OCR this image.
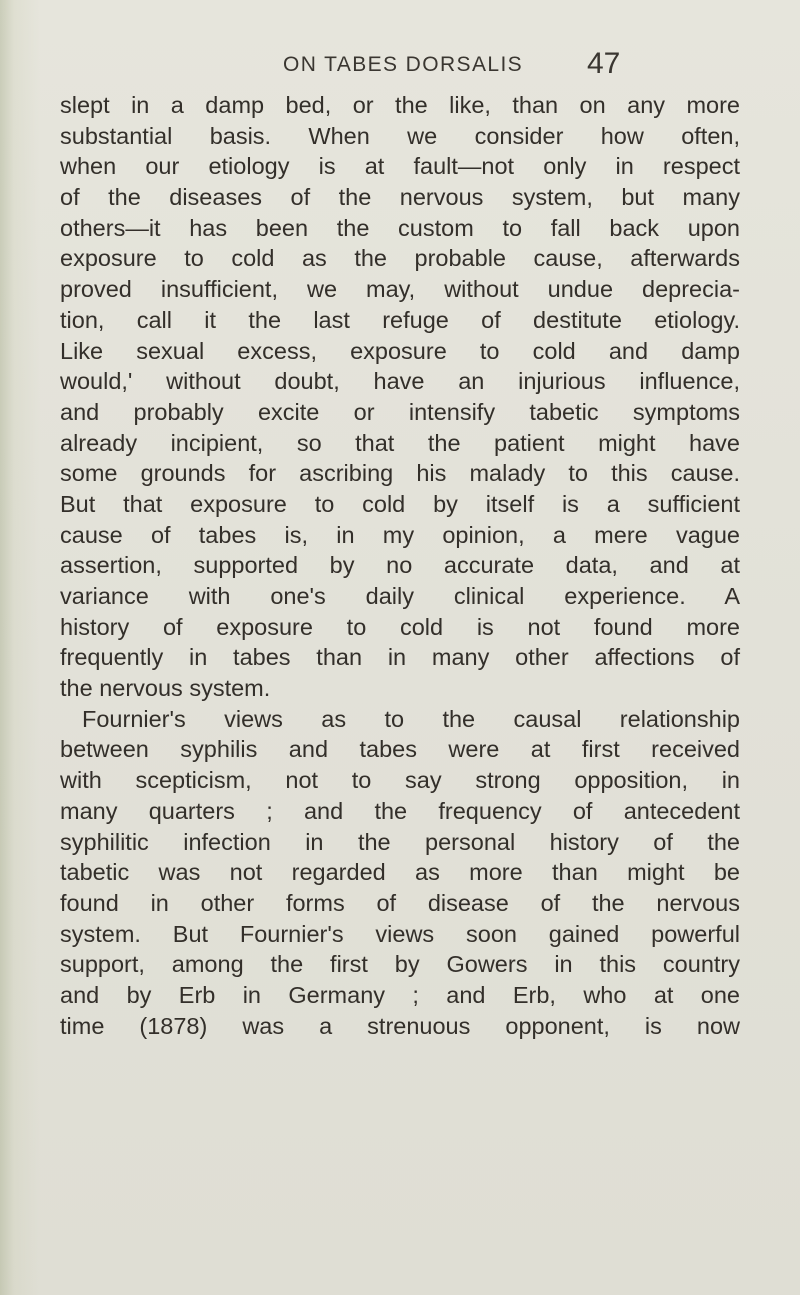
ON TABES DORSALIS 47
slept in a damp bed, or the like, than on any more
substantial basis. When we consider how often,
when our etiology is at fault—not only in respect
of the diseases of the nervous system, but many
others—it has been the custom to fall back upon
exposure to cold as the probable cause, afterwards
proved insufficient, we may, without undue deprecia-
tion, call it the last refuge of destitute etiology.
Like sexual excess, exposure to cold and damp
would,' without doubt, have an injurious influence,
and probably excite or intensify tabetic symptoms
already incipient, so that the patient might have
some grounds for ascribing his malady to this cause.
But that exposure to cold by itself is a sufficient
cause of tabes is, in my opinion, a mere vague
assertion, supported by no accurate data, and at
variance with one's daily clinical experience. A
history of exposure to cold is not found more
frequently in tabes than in many other affections of
the nervous system.
Fournier's views as to the causal relationship
between syphilis and tabes were at first received
with scepticism, not to say strong opposition, in
many quarters ; and the frequency of antecedent
syphilitic infection in the personal history of the
tabetic was not regarded as more than might be
found in other forms of disease of the nervous
system. But Fournier's views soon gained powerful
support, among the first by Gowers in this country
and by Erb in Germany ; and Erb, who at one
time (1878) was a strenuous opponent, is now
